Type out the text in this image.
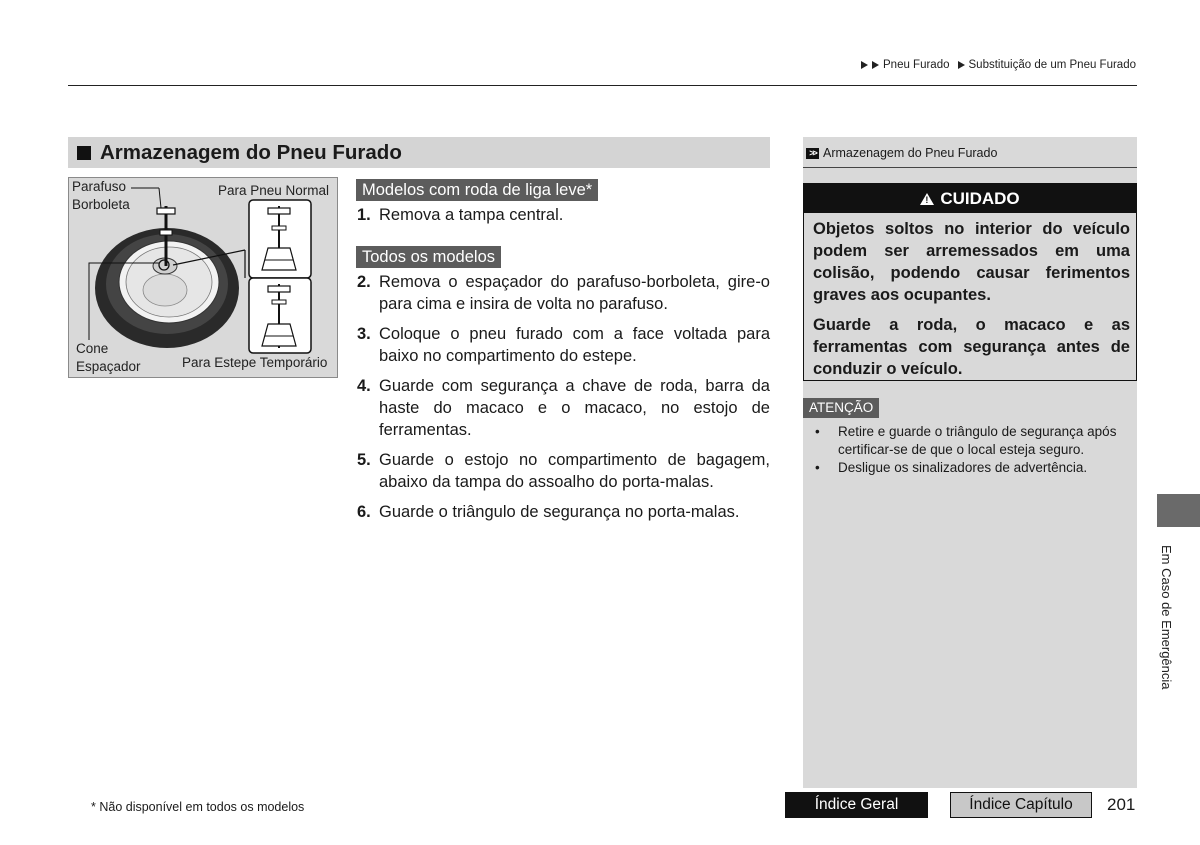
Pneu Furado Substituição de um Pneu Furado
Armazenagem do Pneu Furado
Parafuso
Borboleta
Para Pneu Normal
Cone
Espaçador	Para Estepe Temporário
Modelos com roda de liga leve*
1. Remova a tampa central.
Todos os modelos
2. Remova o espaçador do parafuso-borboleta, gire-o para cima e insira de volta no parafuso.
3. Coloque o pneu furado com a face voltada para baixo no compartimento do estepe.
4. Guarde com segurança a chave de roda, barra da haste do macaco e o macaco, no estojo de ferramentas.
5. Guarde o estojo no compartimento de bagagem, abaixo da tampa do assoalho do porta-malas.
6. Guarde o triângulo de segurança no porta-malas.
>> Armazenagem do Pneu Furado
! CUIDADO
Objetos soltos no interior do veículo podem ser arremessados em uma colisão, podendo causar ferimentos graves aos ocupantes.
Guarde a roda, o macaco e as ferramentas com segurança antes de conduzir o veículo.
ATENÇÃO
• Retire e guarde o triângulo de segurança após certificar-se de que o local esteja seguro.
• Desligue os sinalizadores de advertência.
Em Caso de Emergência
* Não disponível em todos os modelos	Índice Geral	Índice Capítulo	201
